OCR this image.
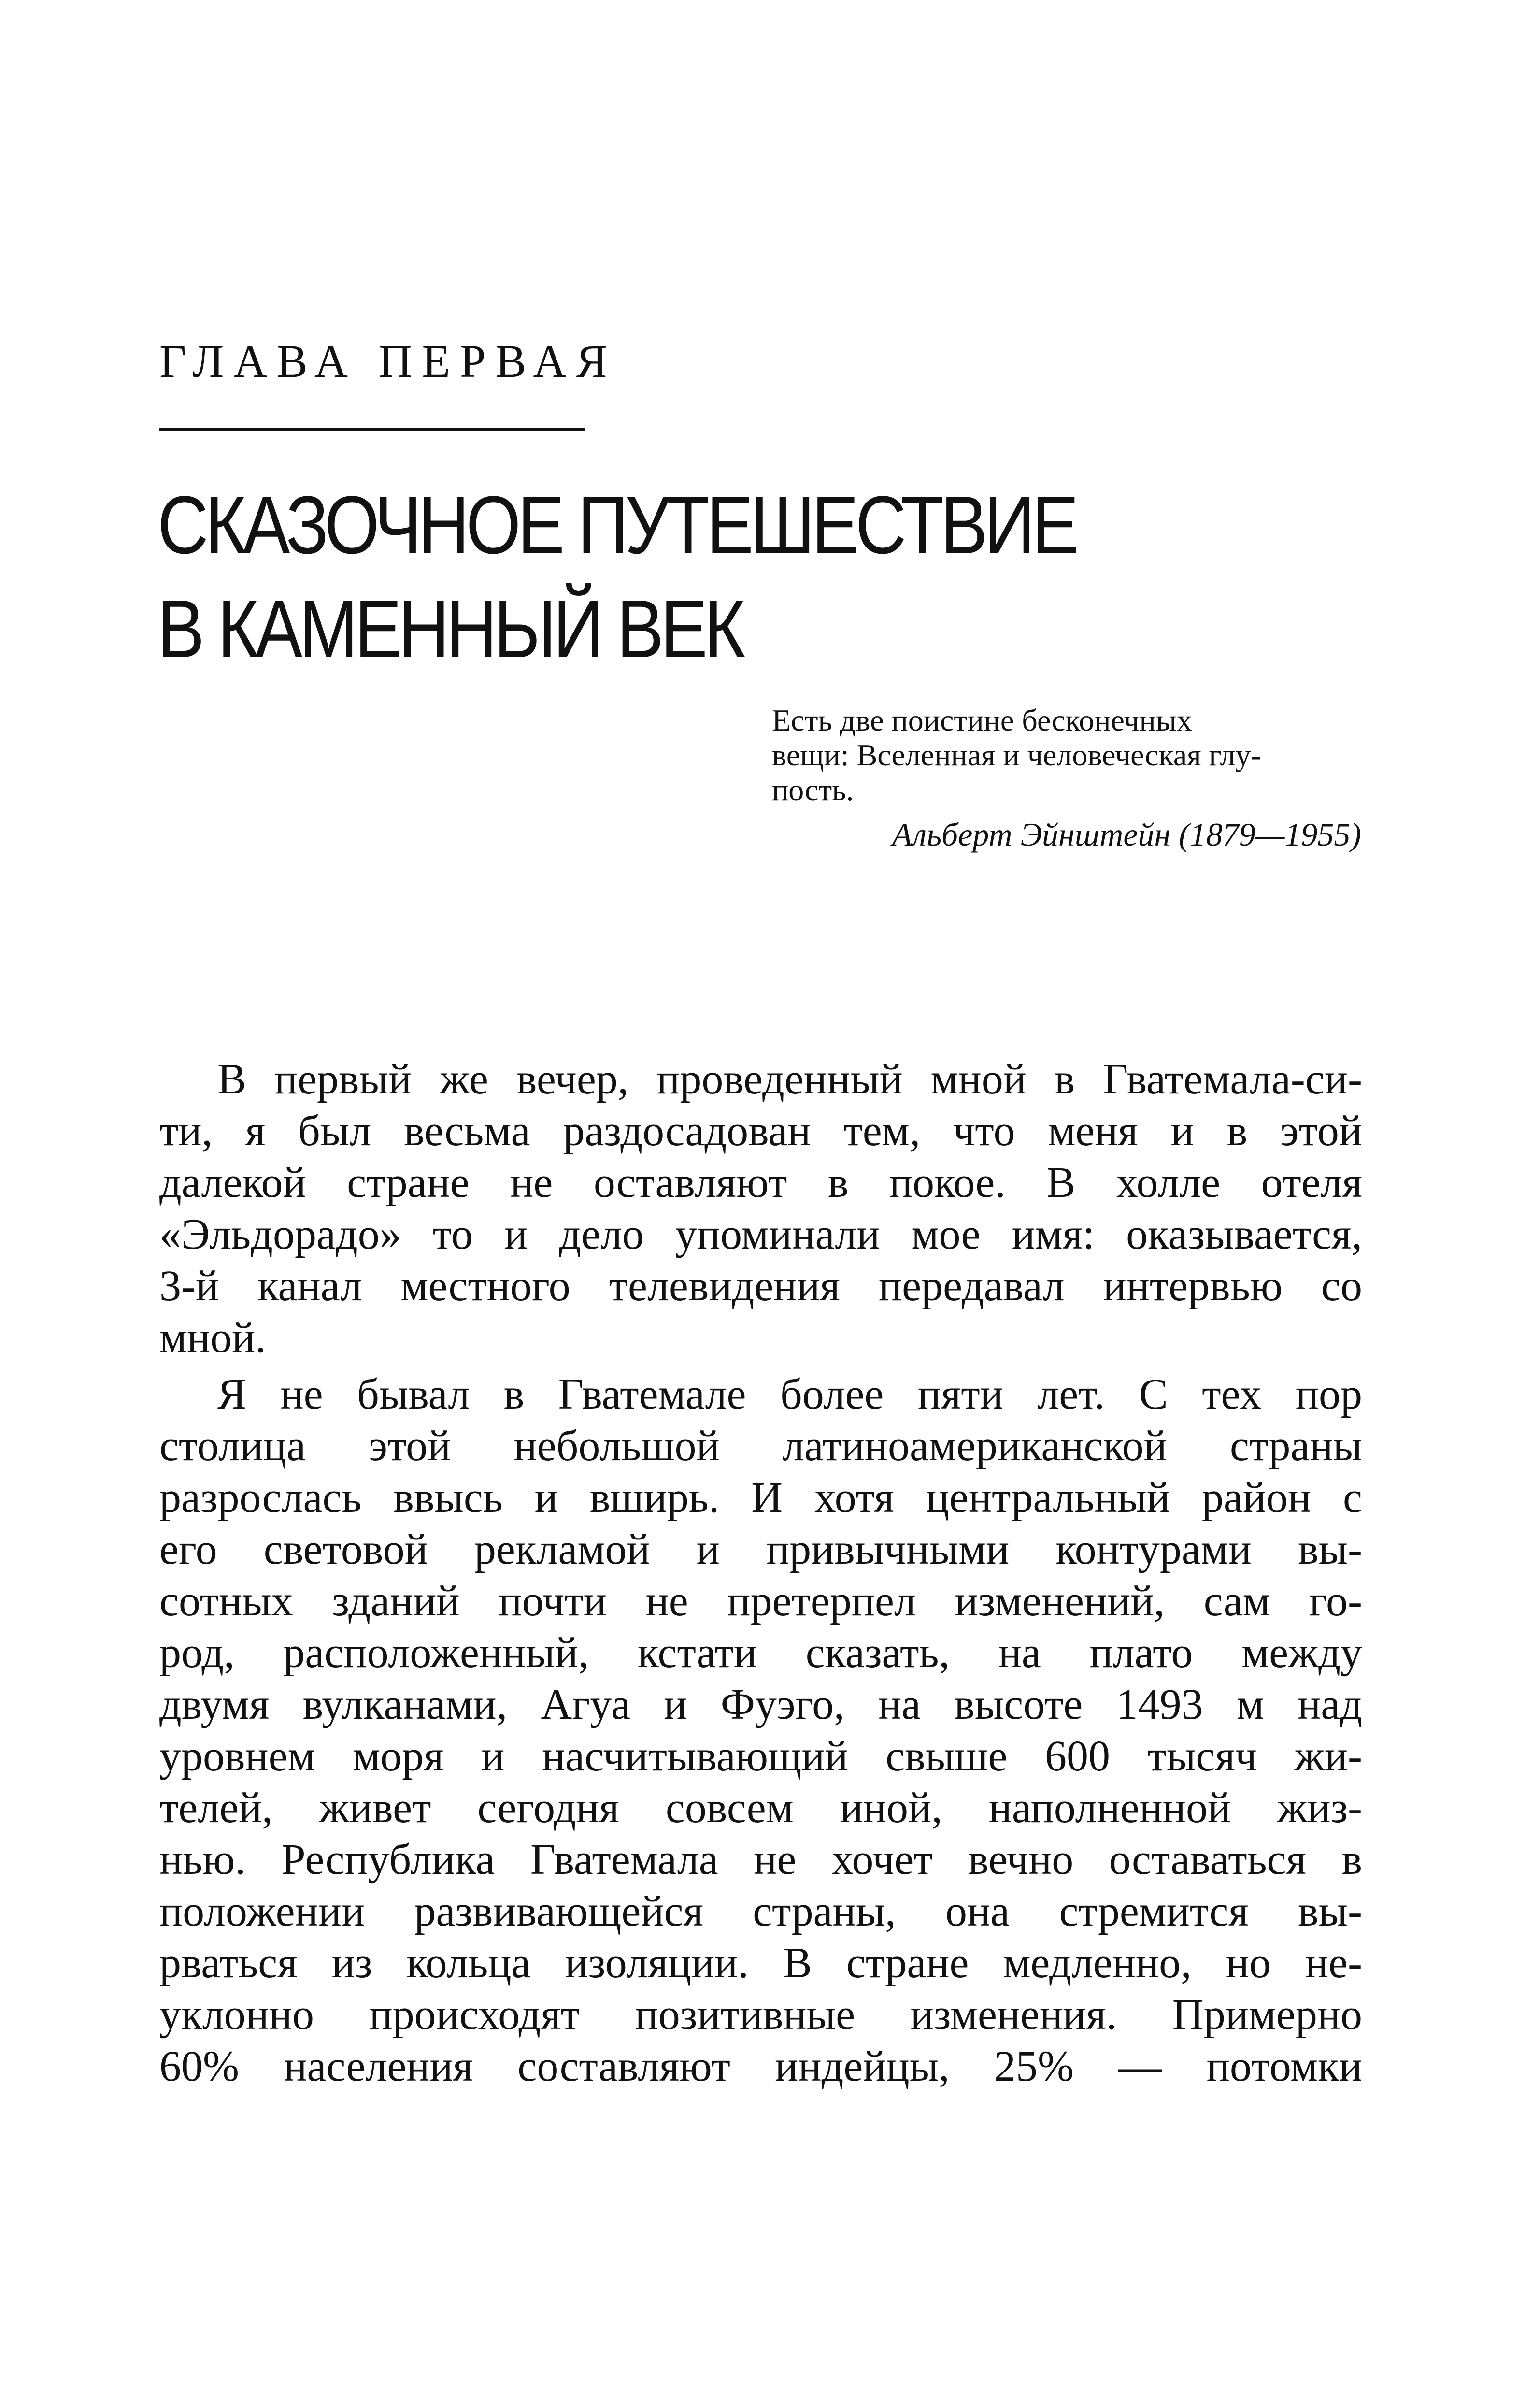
ГЛАВА ПЕРВАЯ
СКАЗОЧНОЕ ПУТЕШЕСТВИЕ
В КАМЕННЫЙ ВЕК
Есть две поистине бесконечных
вещи: Вселенная и человеческая глу-
пость.
Альберт Эйнштейн (1879—1955)
В первый же вечер, проведенный мной в Гватемала-си-
ти, я был весьма раздосадован тем, что меня и в этой
далекой стране не оставляют в покое. В холле отеля
«Эльдорадо» то и дело упоминали мое имя: оказывается,
3-й канал местного телевидения передавал интервью со
мной.
Я не бывал в Гватемале более пяти лет. С тех пор
столица этой небольшой латиноамериканской страны
разрослась ввысь и вширь. И хотя центральный район с
его световой рекламой и привычными контурами вы-
сотных зданий почти не претерпел изменений, сам го-
род, расположенный, кстати сказать, на плато между
двумя вулканами, Агуа и Фуэго, на высоте 1493 м над
уровнем моря и насчитывающий свыше 600 тысяч жи-
телей, живет сегодня совсем иной, наполненной жиз-
нью. Республика Гватемала не хочет вечно оставаться в
положении развивающейся страны, она стремится вы-
рваться из кольца изоляции. В стране медленно, но не-
уклонно происходят позитивные изменения. Примерно
60% населения составляют индейцы, 25% — потомки
